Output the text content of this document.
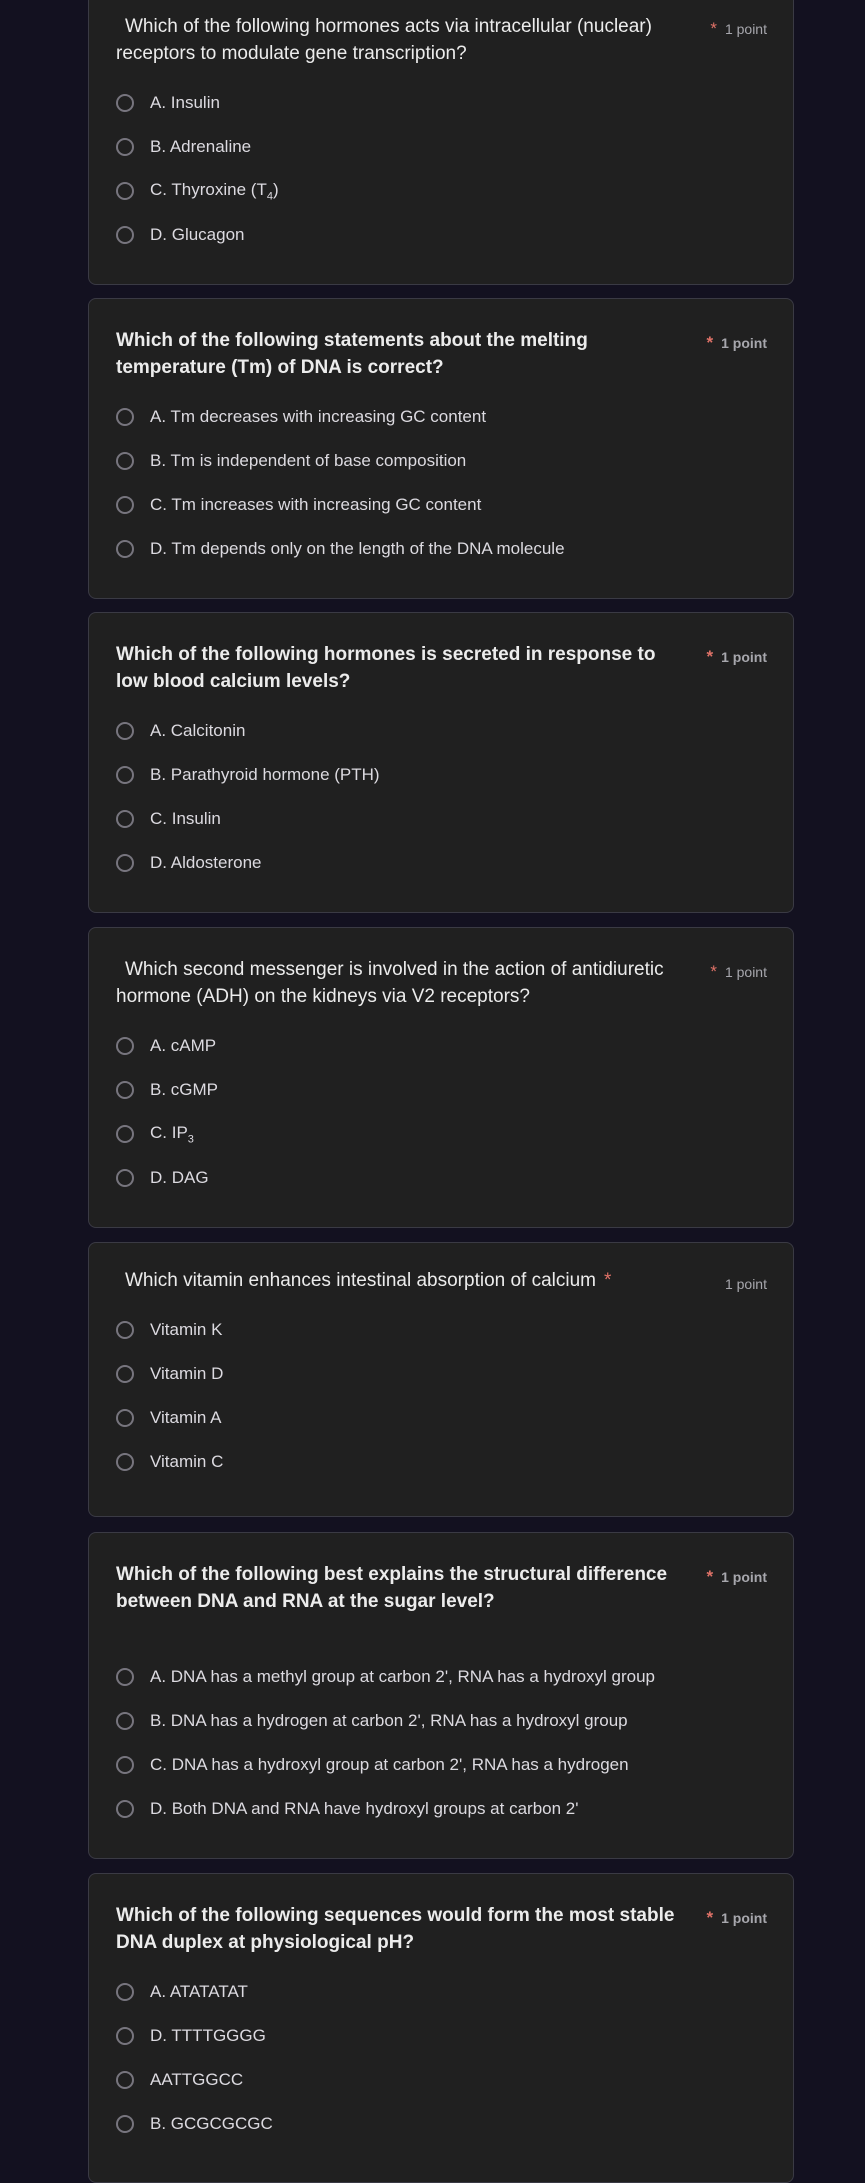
Which of the following hormones acts via intracellular (nuclear) receptors to modulate gene transcription?
* 1 point
A. Insulin
B. Adrenaline
C. Thyroxine $(T_4)$
D. Glucagon
Which of the following statements about the melting temperature (Tm) of DNA is correct?
* 1 point
A. Tm decreases with increasing GC content
B. Tm is independent of base composition
C. Tm increases with increasing GC content
D. Tm depends only on the length of the DNA molecule
Which of the following hormones is secreted in response to low blood calcium levels?
* 1 point
A. Calcitonin
B. Parathyroid hormone (PTH)
C. Insulin
D. Aldosterone
Which second messenger is involved in the action of antidiuretic hormone (ADH) on the kidneys via V2 receptors?
* 1 point
A. cAMP
B. cGMP
C. $IP_3$
D. DAG
Which vitamin enhances intestinal absorption of calcium *	1 point
Vitamin K
Vitamin D
Vitamin A
Vitamin C
Which of the following best explains the structural difference between DNA and RNA at the sugar level?
* 1 point
A. DNA has a methyl group at carbon 2', RNA has a hydroxyl group
B. DNA has a hydrogen at carbon 2', RNA has a hydroxyl group
C. DNA has a hydroxyl group at carbon 2', RNA has a hydrogen
D. Both DNA and RNA have hydroxyl groups at carbon 2'
Which of the following sequences would form the most stable DNA duplex at physiological pH?
* 1 point
A. ATATATAT
D. TTTTGGGG
AATTGGCC
B. GCGCGCGC
